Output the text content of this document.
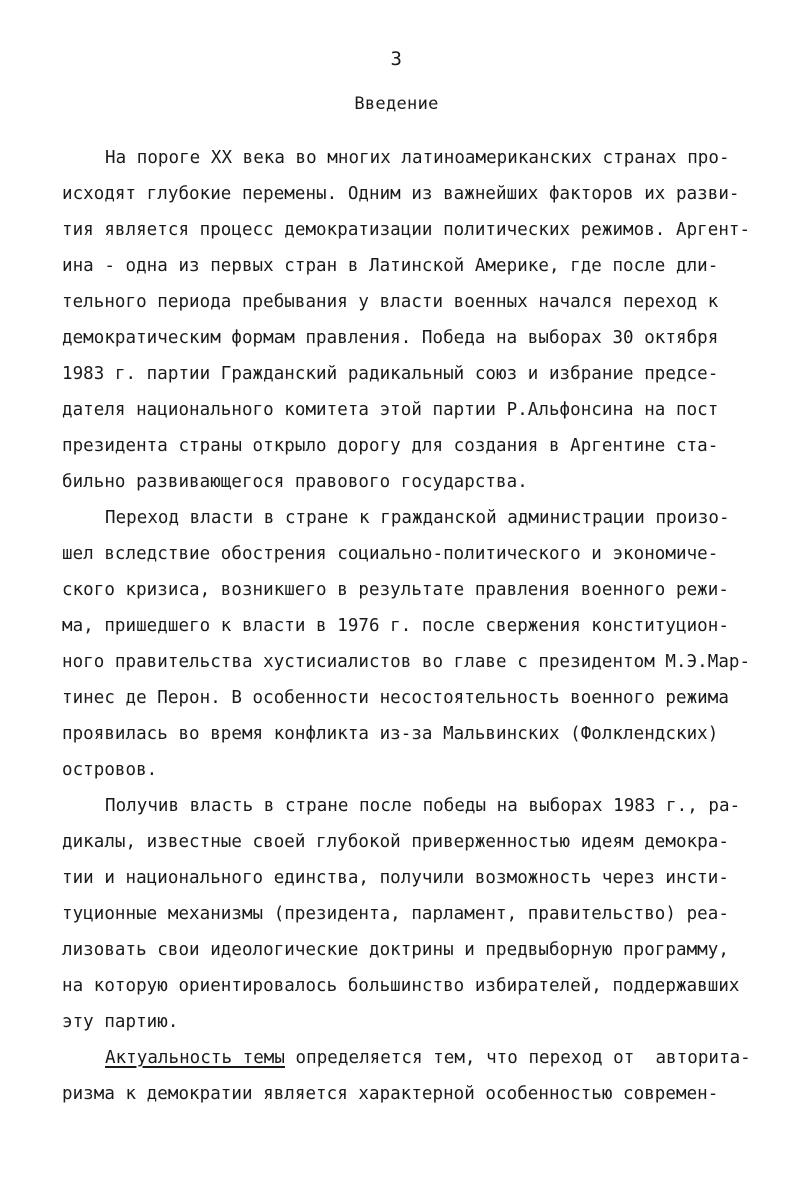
3
Введение
На пороге XX века во многих латиноамериканских странах про-
исходят глубокие перемены. Одним из важнейших факторов их разви-
тия является процесс демократизации политических режимов. Аргент-
ина - одна из первых стран в Латинской Америке, где после дли-
тельного периода пребывания у власти военных начался переход к
демократическим формам правления. Победа на выборах 30 октября
1983 г. партии Гражданский радикальный союз и избрание предсе-
дателя национального комитета этой партии Р.Альфонсина на пост
президента страны открыло дорогу для создания в Аргентине ста-
бильно развивающегося правового государства.
Переход власти в стране к гражданской администрации произо-
шел вследствие обострения социально-политического и экономиче-
ского кризиса, возникшего в результате правления военного режи-
ма, пришедшего к власти в 1976 г. после свержения конституцион-
ного правительства хустисиалистов во главе с президентом М.Э.Мар-
тинес де Перон. В особенности несостоятельность военного режима
проявилась во время конфликта из-за Мальвинских (Фолклендских)
островов.
Получив власть в стране после победы на выборах 1983 г., ра-
дикалы, известные своей глубокой приверженностью идеям демокра-
тии и национального единства, получили возможность через инсти-
туционные механизмы (президента, парламент, правительство) реа-
лизовать свои идеологические доктрины и предвыборную программу,
на которую ориентировалось большинство избирателей, поддержавших
эту партию.
Актуальность темы определяется тем, что переход от  авторита-
ризма к демократии является характерной особенностью современ-
